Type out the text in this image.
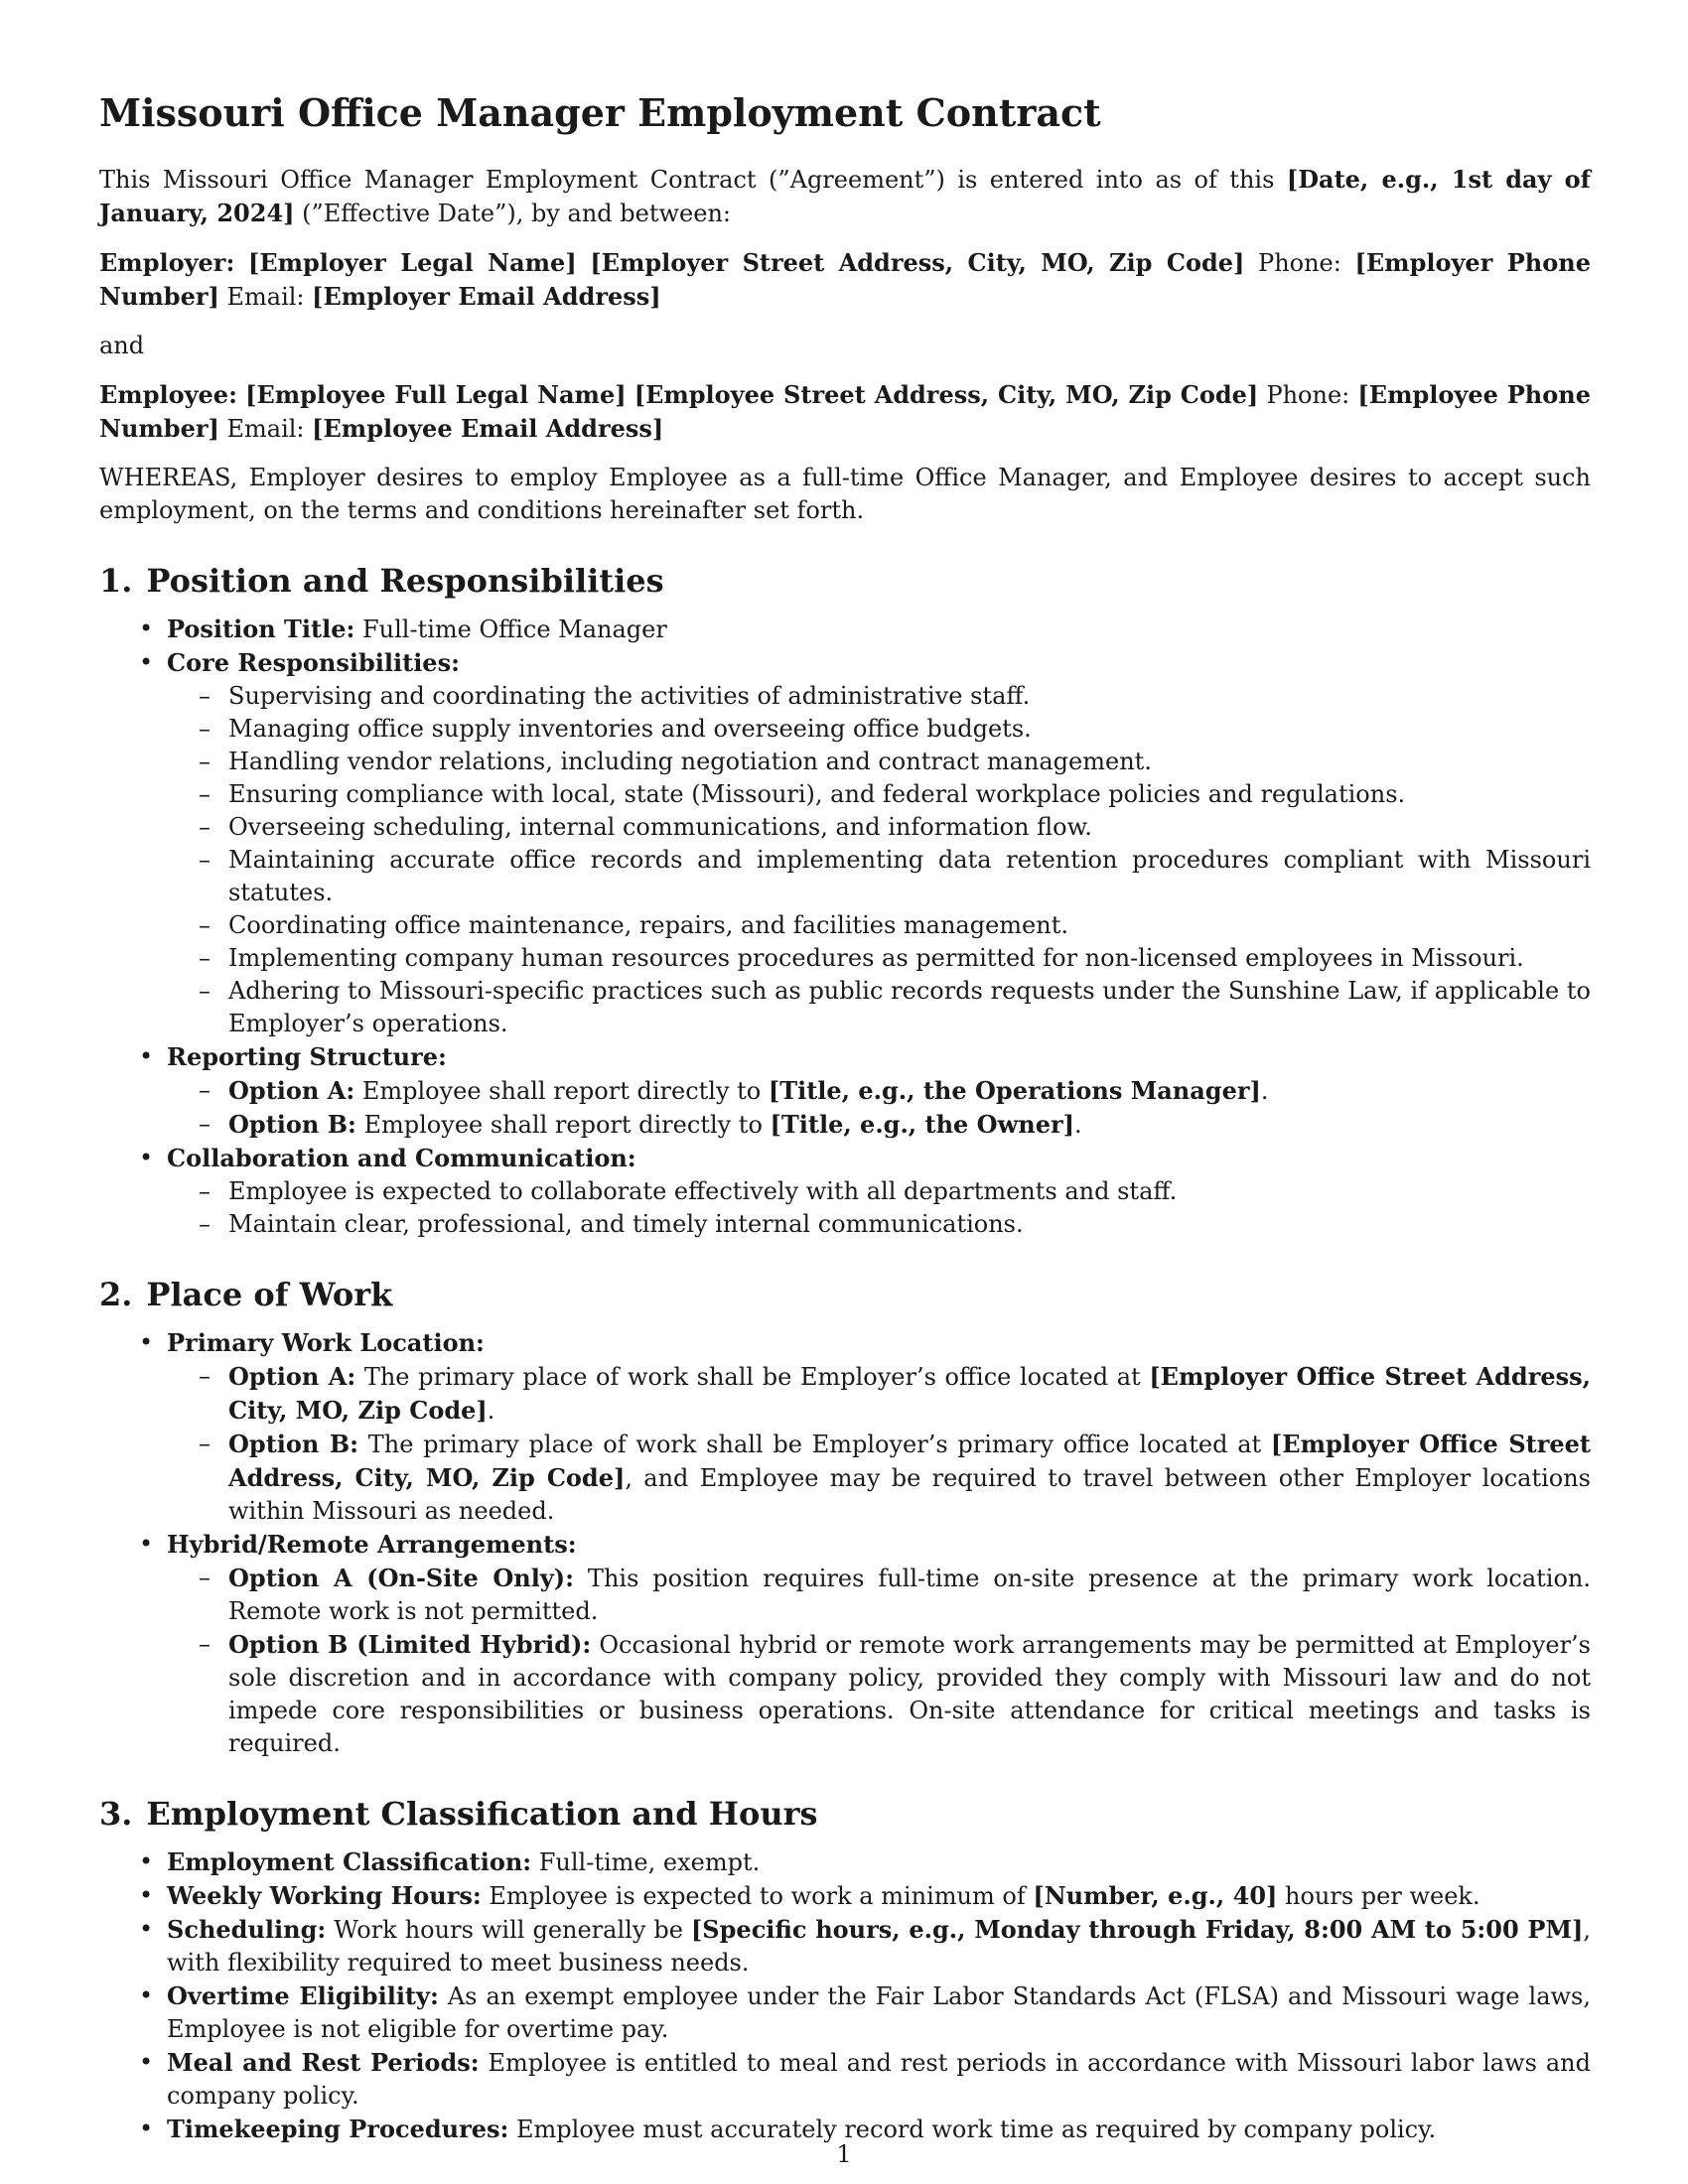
Missouri Office Manager Employment Contract

This Missouri Office Manager Employment Contract (”Agreement”) is entered into as of this [Date, e.g., 1st day of January, 2024] (”Effective Date”), by and between:

Employer: [Employer Legal Name] [Employer Street Address, City, MO, Zip Code] Phone: [Employer Phone Number] Email: [Employer Email Address]

and

Employee: [Employee Full Legal Name] [Employee Street Address, City, MO, Zip Code] Phone: [Employee Phone Number] Email: [Employee Email Address]

WHEREAS, Employer desires to employ Employee as a full-time Office Manager, and Employee desires to accept such employment, on the terms and conditions hereinafter set forth.

1. Position and Responsibilities
• Position Title: Full-time Office Manager
• Core Responsibilities:
– Supervising and coordinating the activities of administrative staff.
– Managing office supply inventories and overseeing office budgets.
– Handling vendor relations, including negotiation and contract management.
– Ensuring compliance with local, state (Missouri), and federal workplace policies and regulations.
– Overseeing scheduling, internal communications, and information flow.
– Maintaining accurate office records and implementing data retention procedures compliant with Missouri statutes.
– Coordinating office maintenance, repairs, and facilities management.
– Implementing company human resources procedures as permitted for non-licensed employees in Missouri.
– Adhering to Missouri-specific practices such as public records requests under the Sunshine Law, if applicable to Employer’s operations.
• Reporting Structure:
– Option A: Employee shall report directly to [Title, e.g., the Operations Manager].
– Option B: Employee shall report directly to [Title, e.g., the Owner].
• Collaboration and Communication:
– Employee is expected to collaborate effectively with all departments and staff.
– Maintain clear, professional, and timely internal communications.
2. Place of Work
• Primary Work Location:
– Option A: The primary place of work shall be Employer’s office located at [Employer Office Street Address, City, MO, Zip Code].
– Option B: The primary place of work shall be Employer’s primary office located at [Employer Office Street Address, City, MO, Zip Code], and Employee may be required to travel between other Employer locations within Missouri as needed.
• Hybrid/Remote Arrangements:
– Option A (On-Site Only): This position requires full-time on-site presence at the primary work location. Remote work is not permitted.
– Option B (Limited Hybrid): Occasional hybrid or remote work arrangements may be permitted at Employer’s sole discretion and in accordance with company policy, provided they comply with Missouri law and do not impede core responsibilities or business operations. On-site attendance for critical meetings and tasks is required.
3. Employment Classification and Hours
• Employment Classification: Full-time, exempt.
• Weekly Working Hours: Employee is expected to work a minimum of [Number, e.g., 40] hours per week.
• Scheduling: Work hours will generally be [Specific hours, e.g., Monday through Friday, 8:00 AM to 5:00 PM], with flexibility required to meet business needs.
• Overtime Eligibility: As an exempt employee under the Fair Labor Standards Act (FLSA) and Missouri wage laws, Employee is not eligible for overtime pay.
• Meal and Rest Periods: Employee is entitled to meal and rest periods in accordance with Missouri labor laws and company policy.
• Timekeeping Procedures: Employee must accurately record work time as required by company policy.
1
